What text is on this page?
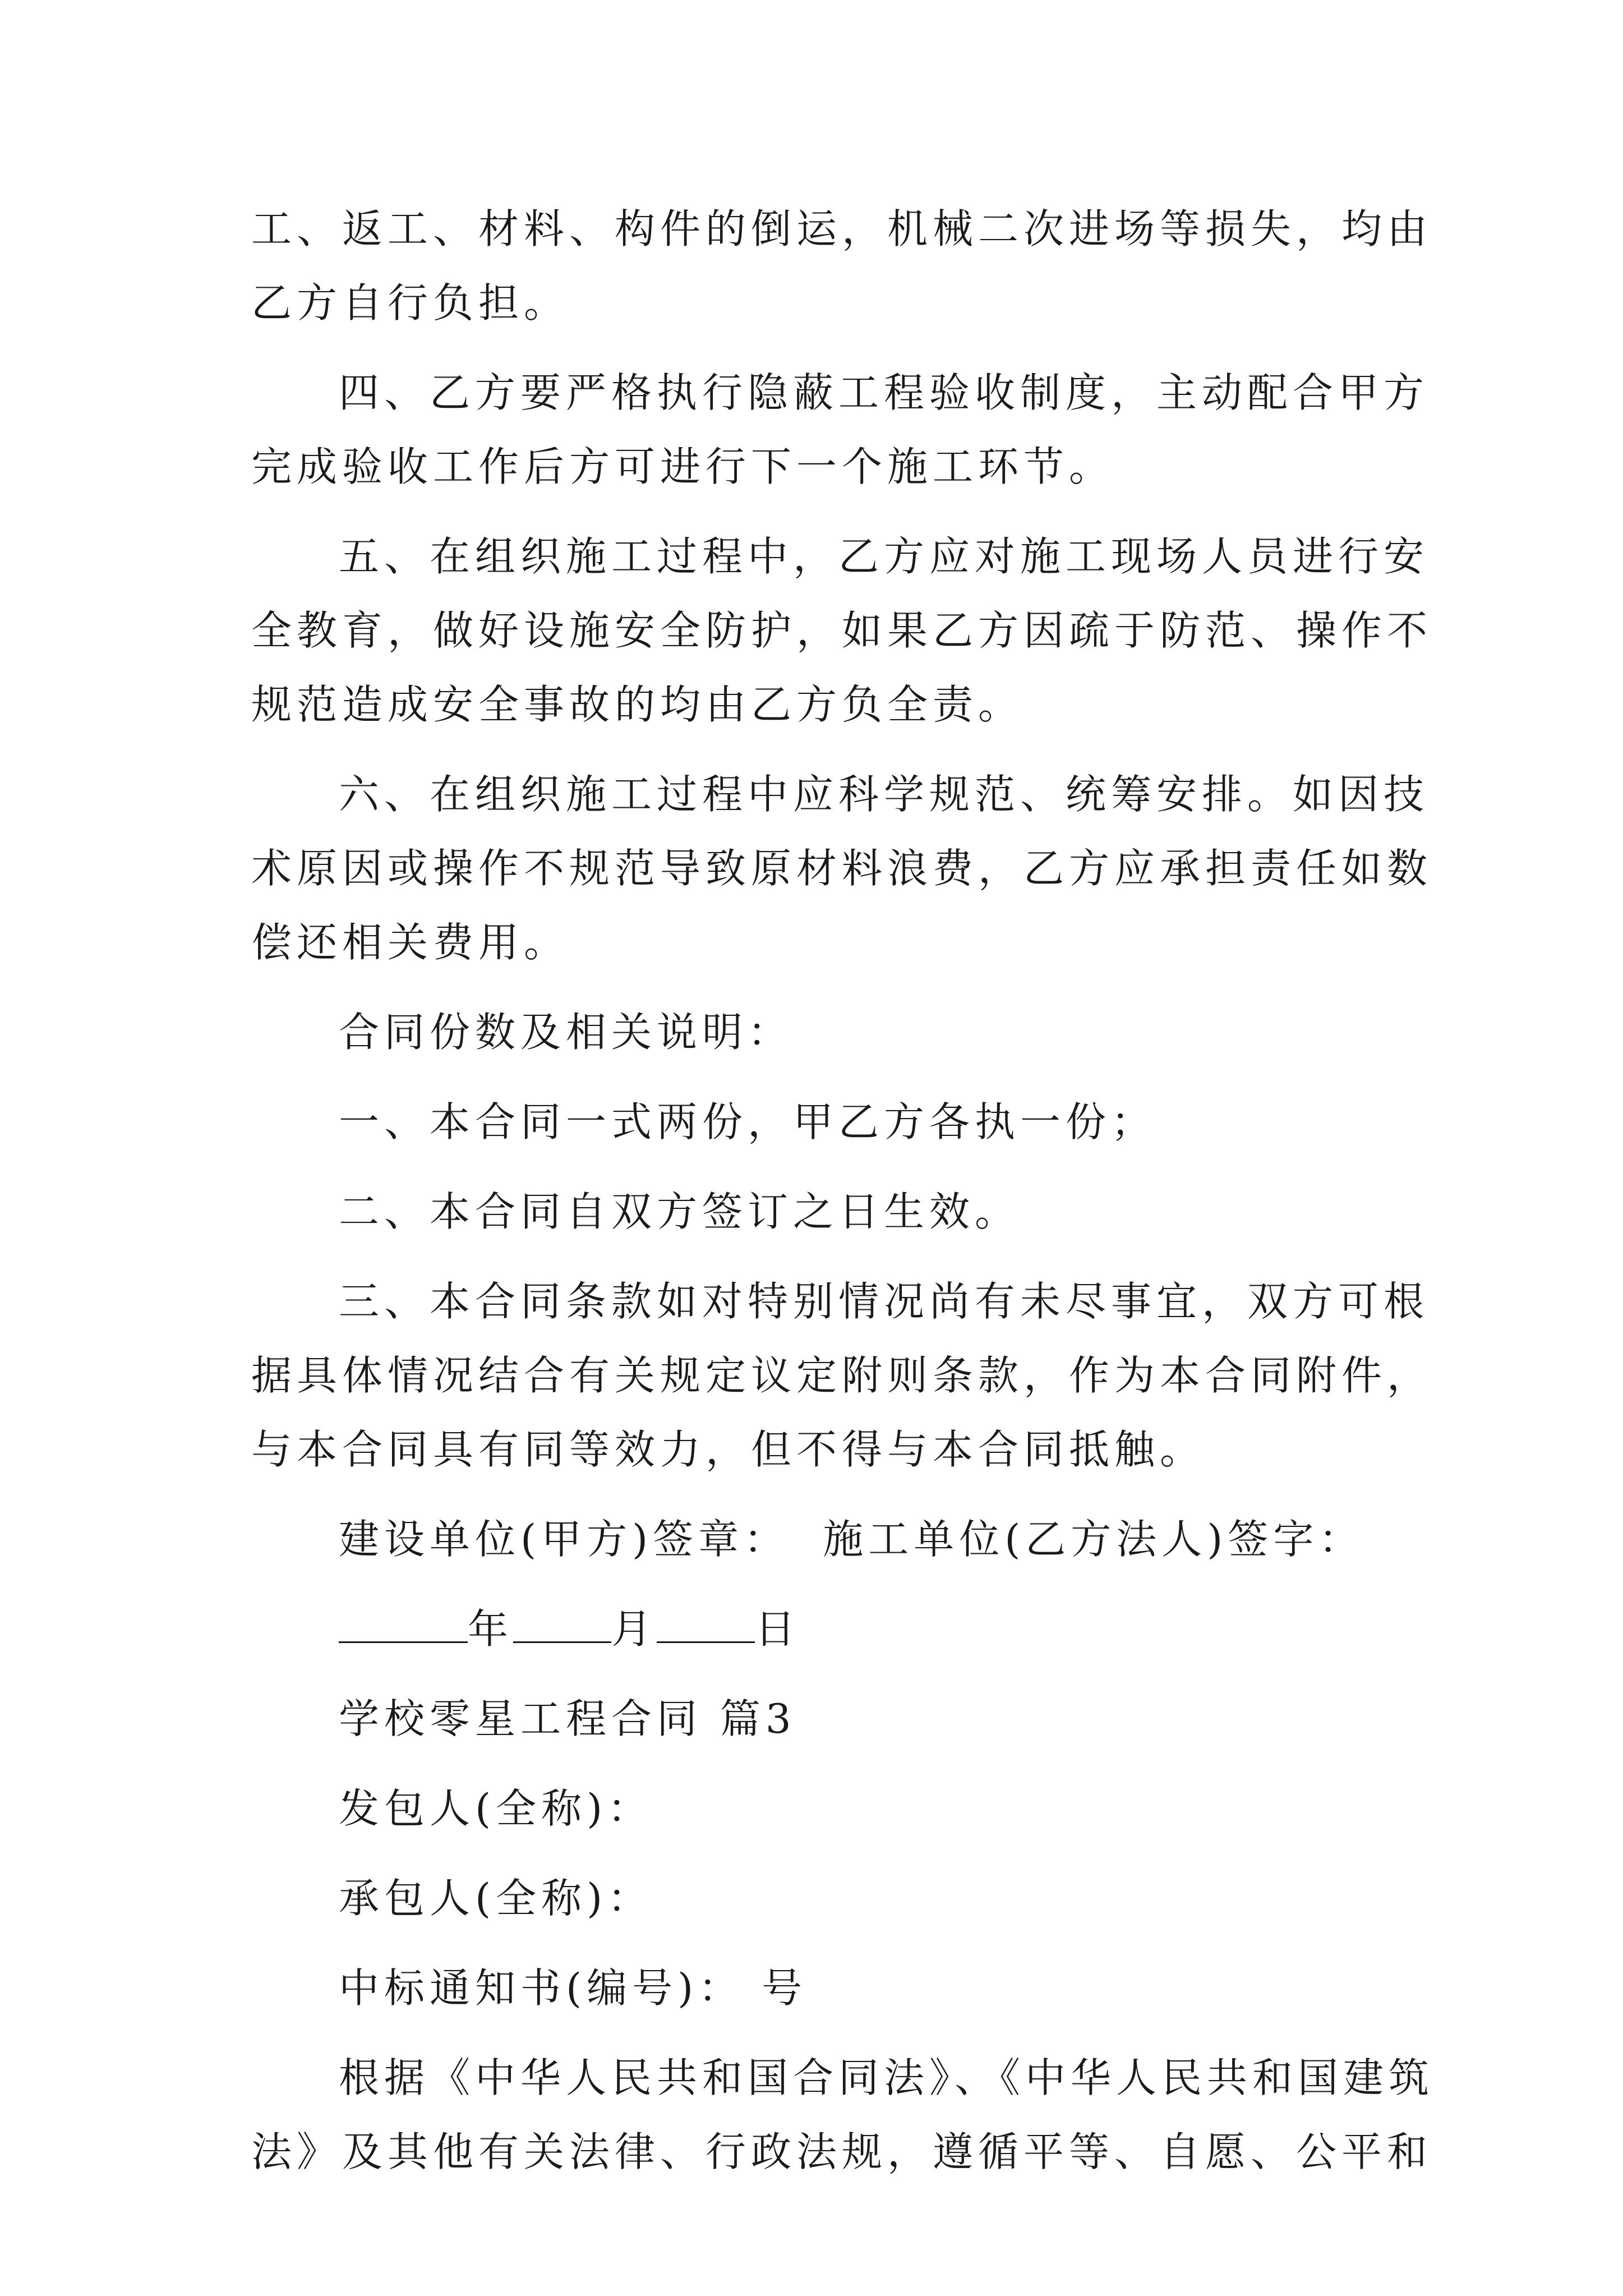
工、返工、材料、构件的倒运，机械二次进场等损失，均由
乙方自行负担。
四、乙方要严格执行隐蔽工程验收制度，主动配合甲方
完成验收工作后方可进行下一个施工环节。
五、在组织施工过程中，乙方应对施工现场人员进行安
全教育，做好设施安全防护，如果乙方因疏于防范、操作不
规范造成安全事故的均由乙方负全责。
六、在组织施工过程中应科学规范、统筹安排。如因技
术原因或操作不规范导致原材料浪费，乙方应承担责任如数
偿还相关费用。
合同份数及相关说明：
一、本合同一式两份，甲乙方各执一份；
二、本合同自双方签订之日生效。
三、本合同条款如对特别情况尚有未尽事宜，双方可根
据具体情况结合有关规定议定附则条款，作为本合同附件，
与本合同具有同等效力，但不得与本合同抵触。
建设单位(甲方)签章： 施工单位(乙方法人)签字：
年 月 日
学校零星工程合同 篇3
发包人(全称)：
承包人(全称)：
中标通知书(编号)： 号
根据《中华人民共和国合同法》、《中华人民共和国建筑
法》及其他有关法律、行政法规，遵循平等、自愿、公平和
